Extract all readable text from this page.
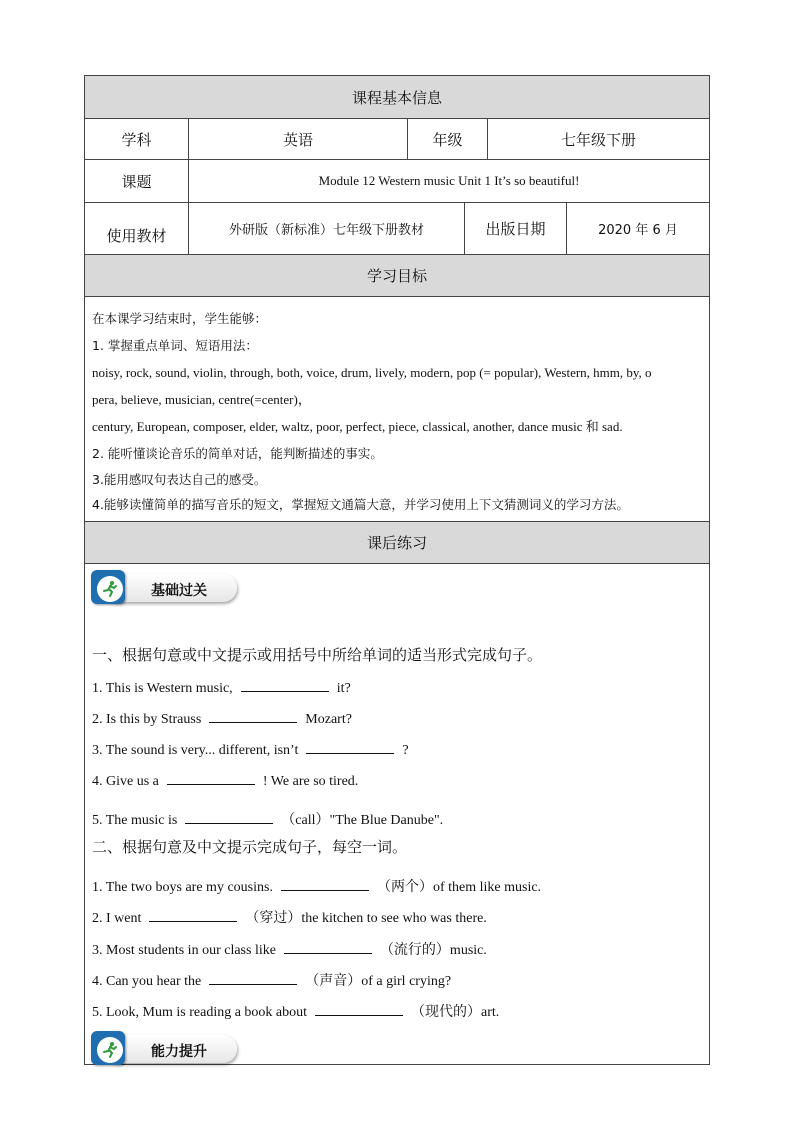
课程基本信息
学科	英语	年级	七年级下册
课题	Module 12 Western music Unit 1 It’s so beautiful!
使用教材	外研版（新标准）七年级下册教材	出版日期	2020 年 6 月
学习目标
在本课学习结束时，学生能够：
1. 掌握重点单词、短语用法：
noisy, rock, sound, violin, through, both, voice, drum, lively, modern, pop (= popular), Western, hmm, by, o
pera, believe, musician, centre(=center)，
century, European, composer, elder, waltz, poor, perfect, piece, classical, another, dance music 和 sad.
2. 能听懂谈论音乐的简单对话，能判断描述的事实。
3.能用感叹句表达自己的感受。
4.能够读懂简单的描写音乐的短文，掌握短文通篇大意，并学习使用上下文猜测词义的学习方法。
课后练习
基础过关
一、根据句意或中文提示或用括号中所给单词的适当形式完成句子。
1. This is Western music,	it?
2. Is this by Strauss	Mozart?
3. The sound is very... different, isn’t	?
4. Give us a	! We are so tired.
5. The music is	（call）"The Blue Danube".
二、根据句意及中文提示完成句子，每空一词。
1. The two boys are my cousins.	（两个）of them like music.
2. I went	（穿过）the kitchen to see who was there.
3. Most students in our class like	（流行的）music.
4. Can you hear the	（声音）of a girl crying?
5. Look, Mum is reading a book about	（现代的）art.
能力提升
